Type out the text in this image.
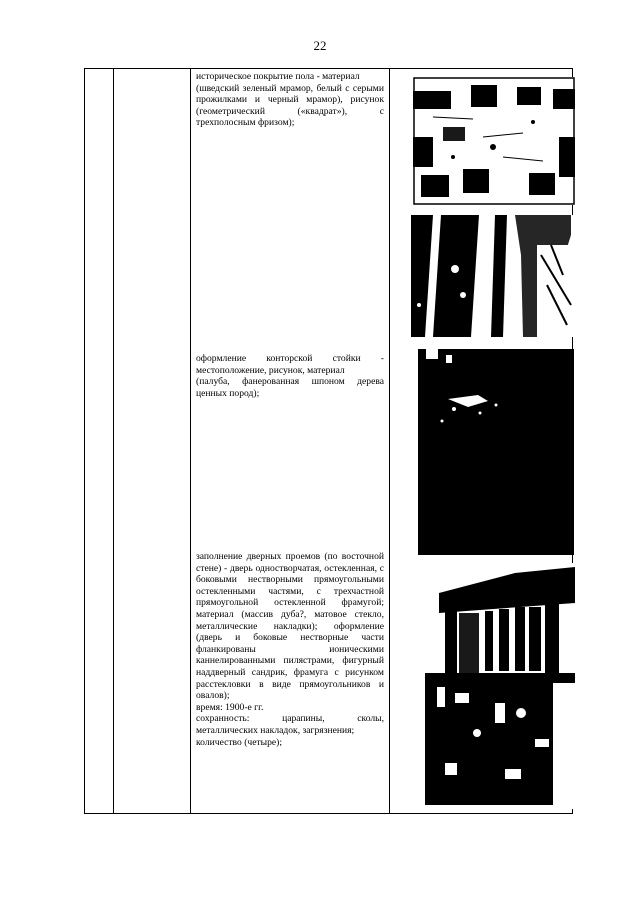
22

историческое покрытие пола - материал

(шведский зеленый мрамор, белый с серыми прожилками и черный мрамор), рисунок (геометрический («квадрат»), с трехполосным фризом);

оформление конторской стойки - местоположение, рисунок, материал

(палуба, фанерованная шпоном дерева ценных пород);

заполнение дверных проемов (по восточной стене) - дверь одностворчатая, остекленная, с боковыми нестворными прямоугольными остекленными частями, с трехчастной прямоугольной остекленной фрамугой; материал (массив дуба?, матовое стекло, металлические накладки); оформление (дверь и боковые нестворные части фланкированы ионическими каннелированными пилястрами, фигурный наддверный сандрик, фрамуга с рисунком расстекловки в виде прямоугольников и овалов);

время: 1900-е гг.

сохранность: царапины, сколы, металлических накладок, загрязнения;

количество (четыре);
